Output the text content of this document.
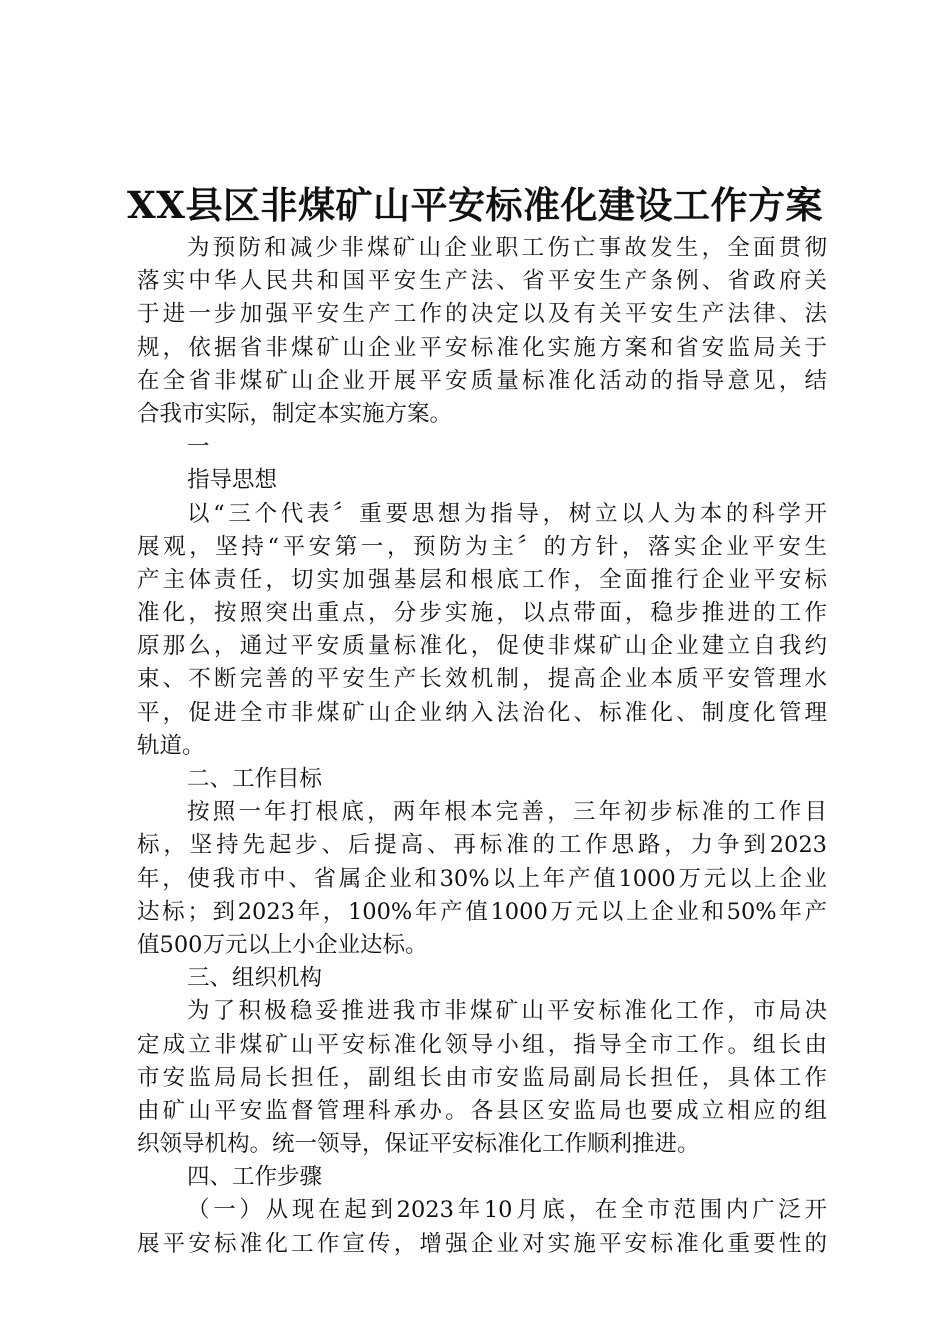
XX县区非煤矿山平安标准化建设工作方案
为预防和减少非煤矿山企业职工伤亡事故发生，全面贯彻
落实中华人民共和国平安生产法、省平安生产条例、省政府关
于进一步加强平安生产工作的决定以及有关平安生产法律、法
规，依据省非煤矿山企业平安标准化实施方案和省安监局关于
在全省非煤矿山企业开展平安质量标准化活动的指导意见，结
合我市实际，制定本实施方案。
一
指导思想
以“三个代表〞重要思想为指导，树立以人为本的科学开
展观，坚持“平安第一，预防为主〞的方针，落实企业平安生
产主体责任，切实加强基层和根底工作，全面推行企业平安标
准化，按照突出重点，分步实施，以点带面，稳步推进的工作
原那么，通过平安质量标准化，促使非煤矿山企业建立自我约
束、不断完善的平安生产长效机制，提高企业本质平安管理水
平，促进全市非煤矿山企业纳入法治化、标准化、制度化管理
轨道。
二、工作目标
按照一年打根底，两年根本完善，三年初步标准的工作目
标，坚持先起步、后提高、再标准的工作思路，力争到2023
年，使我市中、省属企业和30%以上年产值1000万元以上企业
达标；到2023年，100%年产值1000万元以上企业和50%年产
值500万元以上小企业达标。
三、组织机构
为了积极稳妥推进我市非煤矿山平安标准化工作，市局决
定成立非煤矿山平安标准化领导小组，指导全市工作。组长由
市安监局局长担任，副组长由市安监局副局长担任，具体工作
由矿山平安监督管理科承办。各县区安监局也要成立相应的组
织领导机构。统一领导，保证平安标准化工作顺利推进。
四、工作步骤
（一）从现在起到2023年10月底，在全市范围内广泛开
展平安标准化工作宣传，增强企业对实施平安标准化重要性的
